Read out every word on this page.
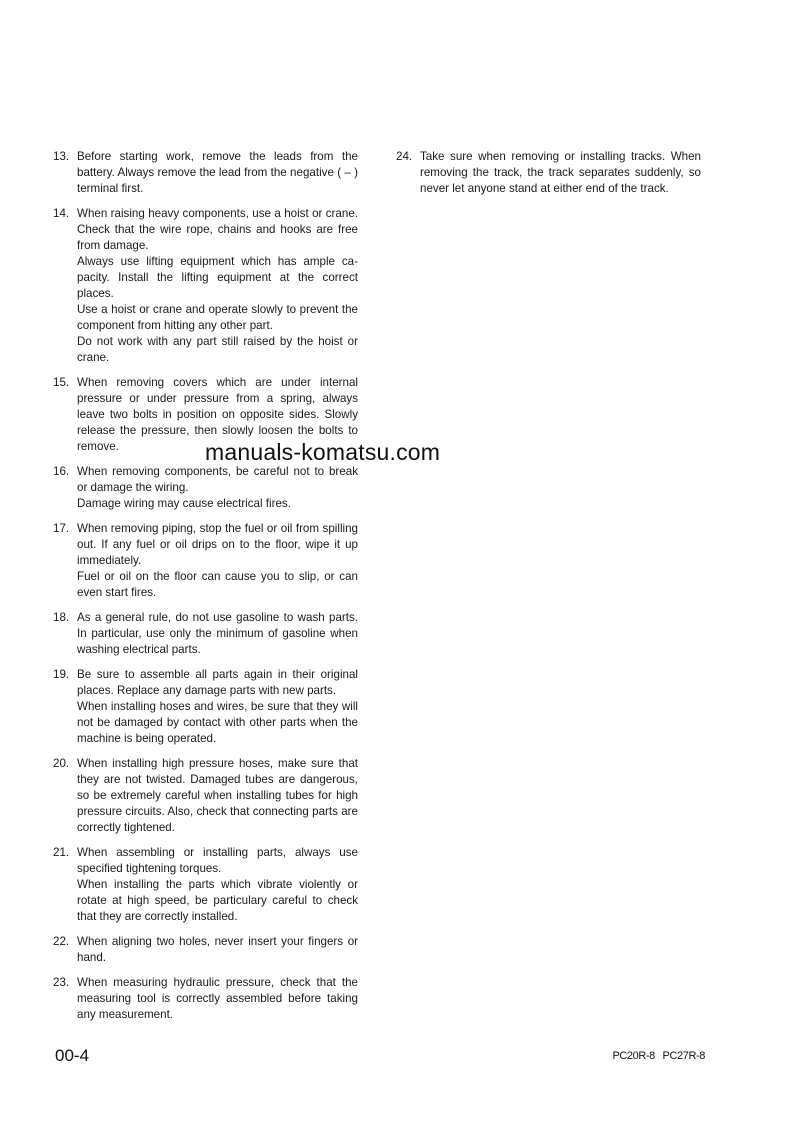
13. Before starting work, remove the leads from the battery. Always remove the lead from the negative ( – ) terminal first.
14. When raising heavy components, use a hoist or crane. Check that the wire rope, chains and hooks are free from damage.
Always use lifting equipment which has ample capacity. Install the lifting equipment at the correct places.
Use a hoist or crane and operate slowly to prevent the component from hitting any other part.
Do not work with any part still raised by the hoist or crane.
15. When removing covers which are under internal pressure or under pressure from a spring, always leave two bolts in position on opposite sides. Slowly release the pressure, then slowly loosen the bolts to remove.
16. When removing components, be careful not to break or damage the wiring.
Damage wiring may cause electrical fires.
17. When removing piping, stop the fuel or oil from spilling out. If any fuel or oil drips on to the floor, wipe it up immediately.
Fuel or oil on the floor can cause you to slip, or can even start fires.
18. As a general rule, do not use gasoline to wash parts. In particular, use only the minimum of gasoline when washing electrical parts.
19. Be sure to assemble all parts again in their original places. Replace any damage parts with new parts.
When installing hoses and wires, be sure that they will not be damaged by contact with other parts when the machine is being operated.
20. When installing high pressure hoses, make sure that they are not twisted. Damaged tubes are dangerous, so be extremely careful when installing tubes for high pressure circuits. Also, check that connecting parts are correctly tightened.
21. When assembling or installing parts, always use specified tightening torques.
When installing the parts which vibrate violently or rotate at high speed, be particulary careful to check that they are correctly installed.
22. When aligning two holes, never insert your fingers or hand.
23. When measuring hydraulic pressure, check that the measuring tool is correctly assembled before taking any measurement.
24. Take sure when removing or installing tracks. When removing the track, the track separates suddenly, so never let anyone stand at either end of the track.
manuals-komatsu.com
00-4	PC20R-8 PC27R-8
